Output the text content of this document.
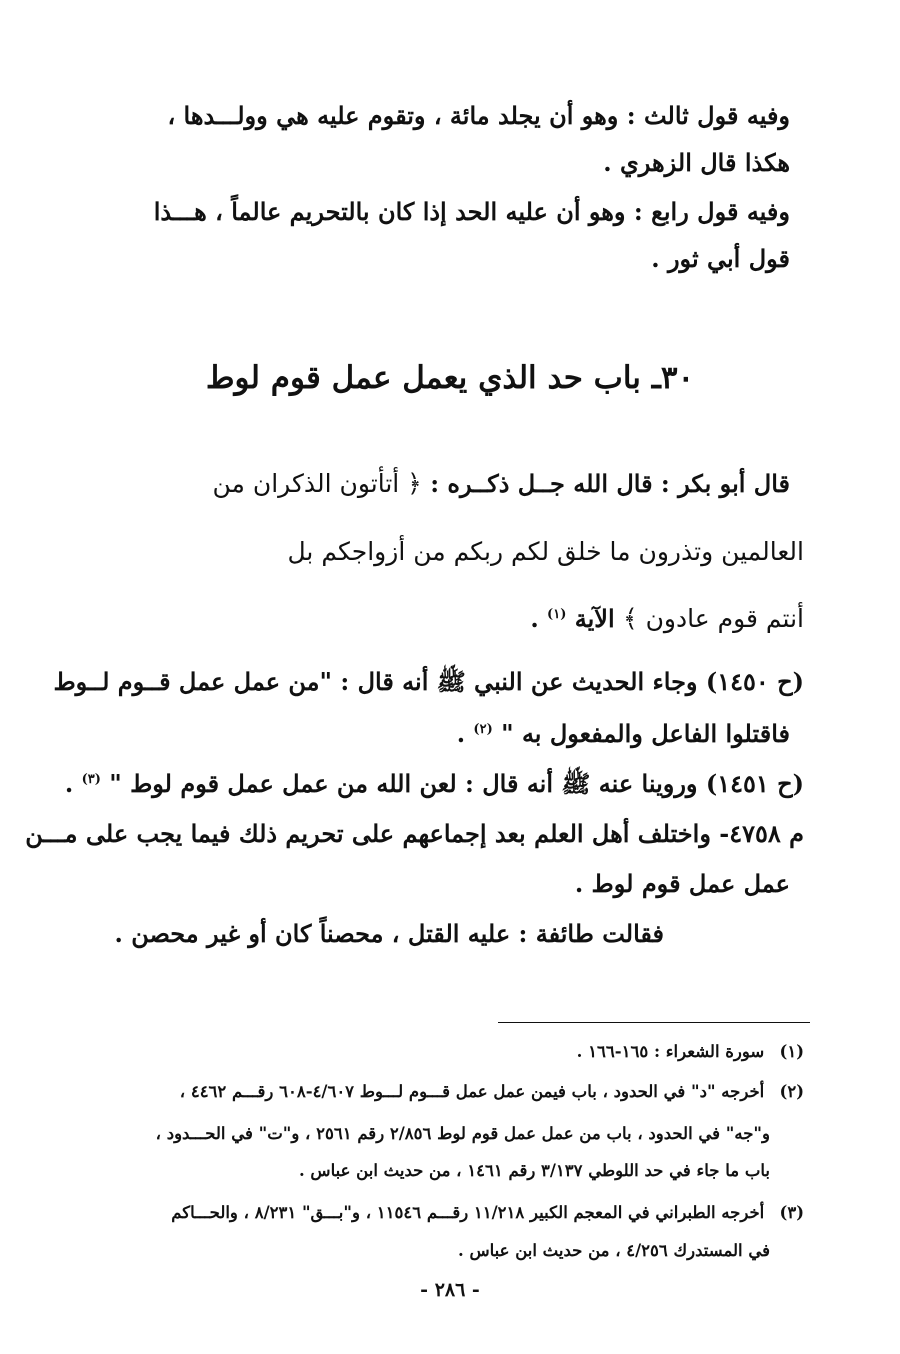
وفيه قول ثالث : وهو أن يجلد مائة ، وتقوم عليه هي وولـــدها ،
هكذا قال الزهري .
وفيه قول رابع : وهو أن عليه الحد إذا كان بالتحريم عالماً ، هـــذا
قول أبي ثور .
٣٠ـ باب حد الذي يعمل عمل قوم لوط
قال أبو بكر : قال الله جــل ذكــره : ﴿ أتأتون الذكران من
العالمين وتذرون ما خلق لكم ربكم من أزواجكم بل
أنتم قوم عادون ﴾ الآية $^{(١)}$ .
(ح ١٤٥٠) وجاء الحديث عن النبي ﷺ أنه قال : "من عمل عمل قــوم لــوط
فاقتلوا الفاعل والمفعول به " $^{(٢)}$ .
(ح ١٤٥١) وروينا عنه ﷺ أنه قال : لعن الله من عمل عمل قوم لوط " $^{(٣)}$ .
م ٤٧٥٨- واختلف أهل العلم بعد إجماعهم على تحريم ذلك فيما يجب على مـــن
عمل عمل قوم لوط .
فقالت طائفة : عليه القتل ، محصناً كان أو غير محصن .
(١) سورة الشعراء : ١٦٥-١٦٦ .
(٢) أخرجه "د" في الحدود ، باب فيمن عمل عمل قـــوم لـــوط ٤/٦٠٧-٦٠٨ رقـــم ٤٤٦٢ ،
و"جه" في الحدود ، باب من عمل عمل قوم لوط ٢/٨٥٦ رقم ٢٥٦١ ، و"ت" في الحـــدود ،
باب ما جاء في حد اللوطي ٣/١٣٧ رقم ١٤٦١ ، من حديث ابن عباس .
(٣) أخرجه الطبراني في المعجم الكبير ١١/٢١٨ رقـــم ١١٥٤٦ ، و"بـــق" ٨/٢٣١ ، والحـــاكم
في المستدرك ٤/٢٥٦ ، من حديث ابن عباس .
- ٢٨٦ -
